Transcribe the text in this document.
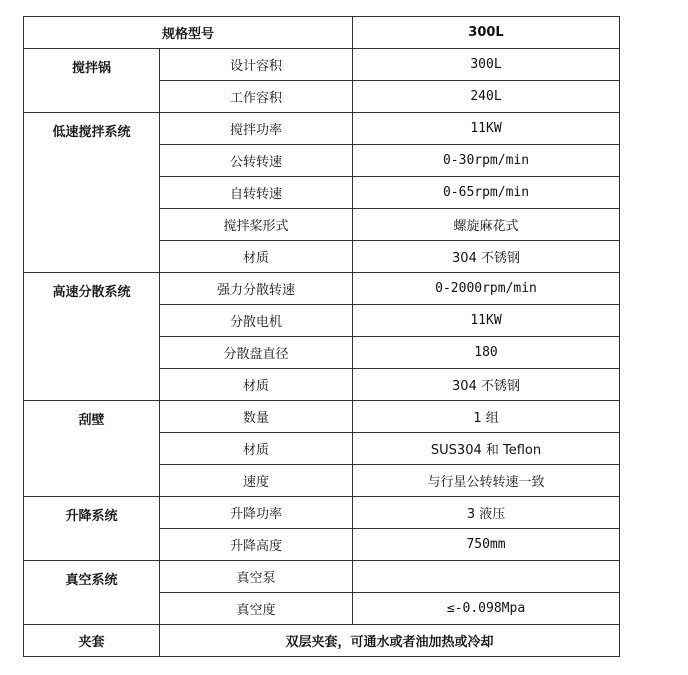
规格型号		300L
搅拌锅	设计容积	300L
	工作容积	240L
低速搅拌系统	搅拌功率	11KW
	公转转速	0-30rpm/min
	自转转速	0-65rpm/min
	搅拌桨形式	螺旋麻花式
	材质	304 不锈钢
高速分散系统	强力分散转速	0-2000rpm/min
	分散电机	11KW
	分散盘直径	180
	材质	304 不锈钢
刮壁	数量	1 组
	材质	SUS304 和 Teflon
	速度	与行星公转转速一致
升降系统	升降功率	3 液压
	升降高度	750mm
真空系统	真空泵	
	真空度	≤-0.098Mpa
夹套	双层夹套，可通水或者油加热或冷却	
